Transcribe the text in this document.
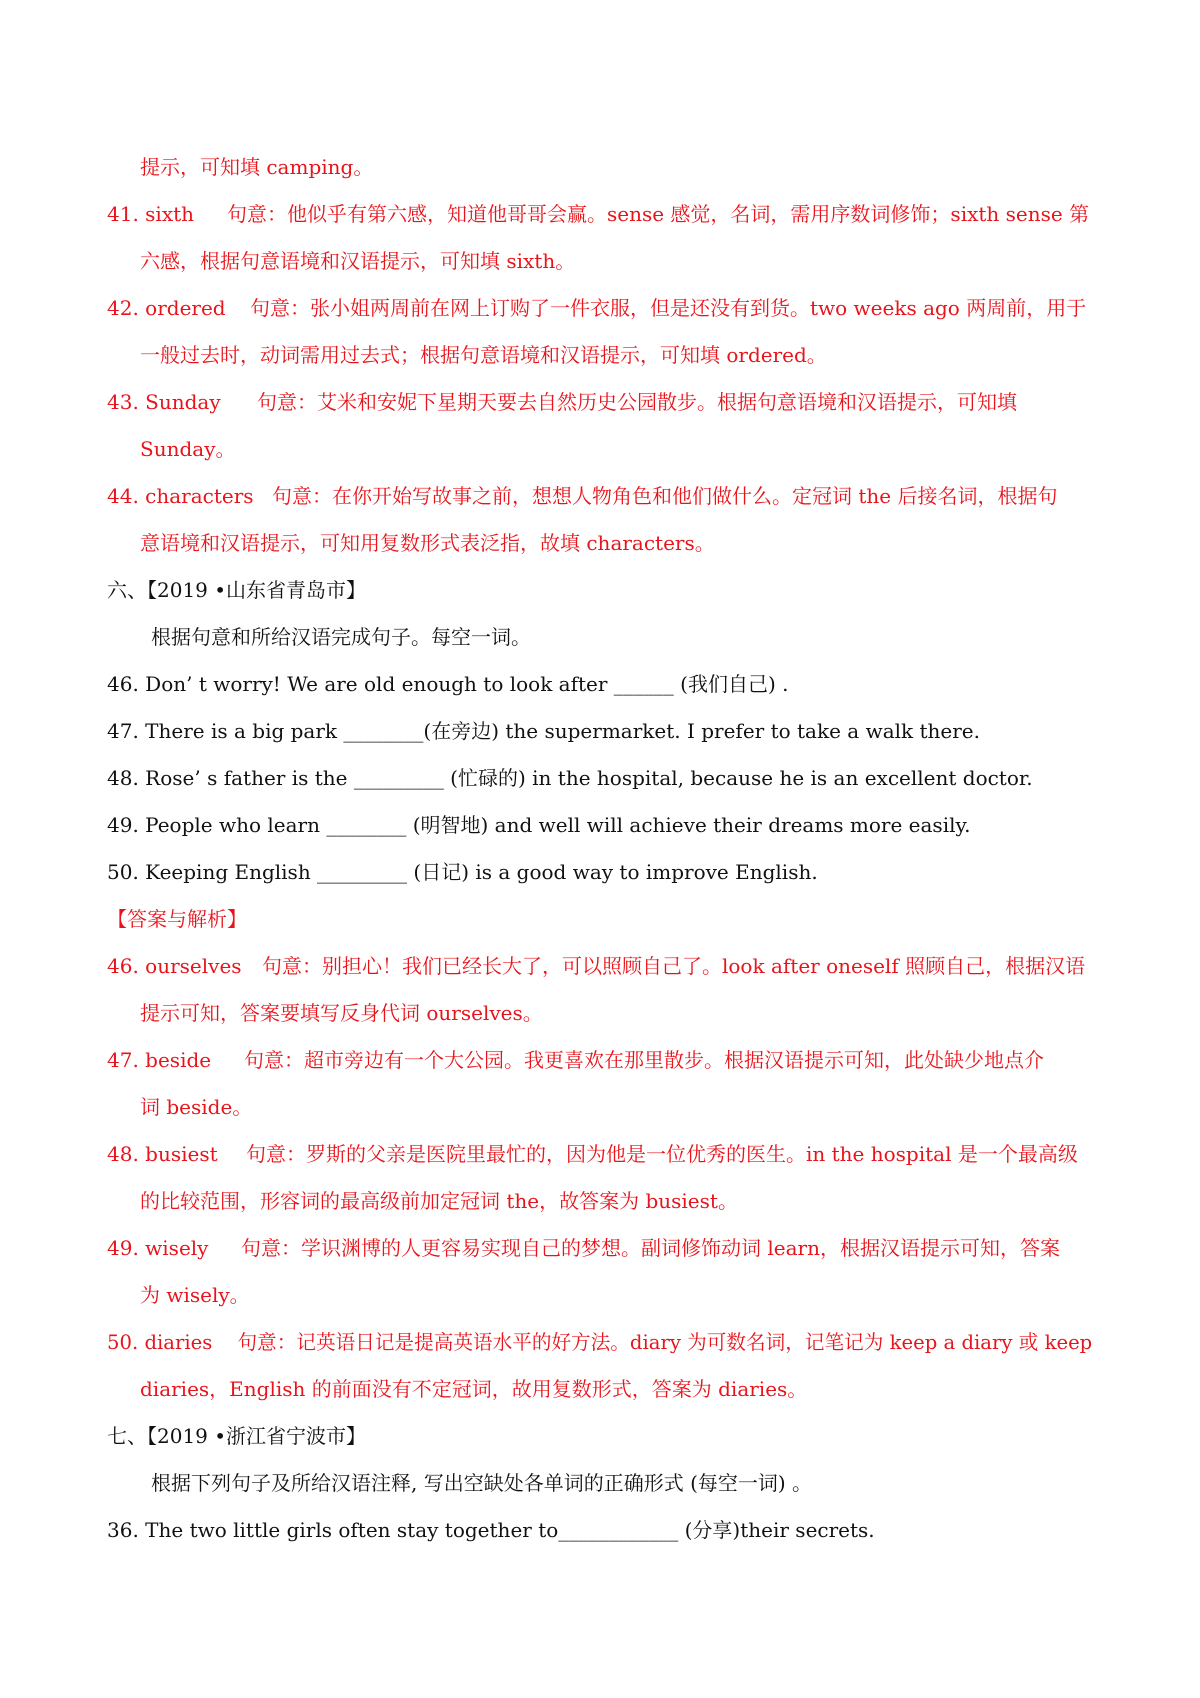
提示，可知填 camping。
41. sixth 句意：他似乎有第六感，知道他哥哥会赢。sense 感觉，名词，需用序数词修饰；sixth sense 第
六感，根据句意语境和汉语提示，可知填 sixth。
42. ordered 句意：张小姐两周前在网上订购了一件衣服，但是还没有到货。two weeks ago 两周前，用于
一般过去时，动词需用过去式；根据句意语境和汉语提示，可知填 ordered。
43. Sunday 句意：艾米和安妮下星期天要去自然历史公园散步。根据句意语境和汉语提示，可知填
Sunday。
44. characters 句意：在你开始写故事之前，想想人物角色和他们做什么。定冠词 the 后接名词，根据句
意语境和汉语提示，可知用复数形式表泛指，故填 characters。
六、【2019 •山东省青岛市】
根据句意和所给汉语完成句子。每空一词。
46. Don’ t worry! We are old enough to look after ______ (我们自己) .
47. There is a big park ________(在旁边) the supermarket. I prefer to take a walk there.
48. Rose’ s father is the _________ (忙碌的) in the hospital, because he is an excellent doctor.
49. People who learn ________ (明智地) and well will achieve their dreams more easily.
50. Keeping English _________ (日记) is a good way to improve English.
【答案与解析】
46. ourselves 句意：别担心！我们已经长大了，可以照顾自己了。look after oneself 照顾自己，根据汉语
提示可知，答案要填写反身代词 ourselves。
47. beside 句意：超市旁边有一个大公园。我更喜欢在那里散步。根据汉语提示可知，此处缺少地点介
词 beside。
48. busiest 句意：罗斯的父亲是医院里最忙的，因为他是一位优秀的医生。in the hospital 是一个最高级
的比较范围，形容词的最高级前加定冠词 the，故答案为 busiest。
49. wisely 句意：学识渊博的人更容易实现自己的梦想。副词修饰动词 learn，根据汉语提示可知，答案
为 wisely。
50. diaries 句意：记英语日记是提高英语水平的好方法。diary 为可数名词，记笔记为 keep a diary 或 keep
diaries，English 的前面没有不定冠词，故用复数形式，答案为 diaries。
七、【2019 •浙江省宁波市】
根据下列句子及所给汉语注释, 写出空缺处各单词的正确形式 (每空一词) 。
36. The two little girls often stay together to____________ (分享)their secrets.
